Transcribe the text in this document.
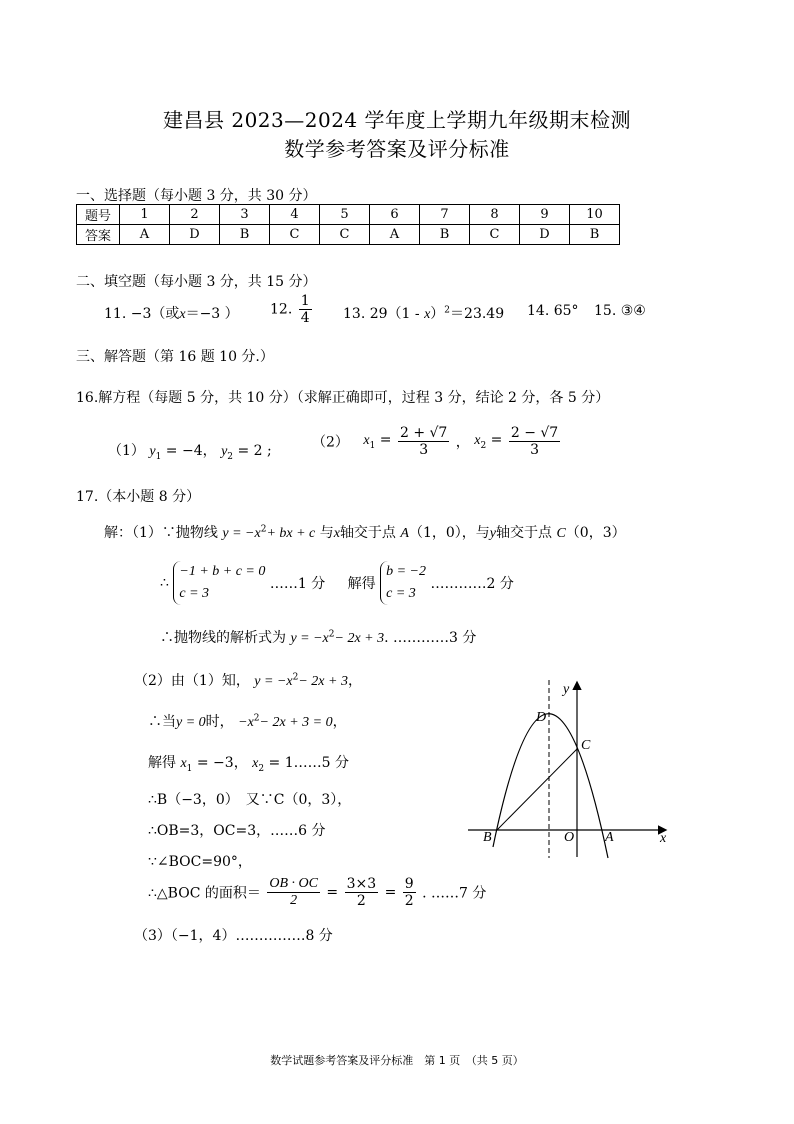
建昌县 2023—2024 学年度上学期九年级期末检测
数学参考答案及评分标准
一、选择题（每小题 3 分，共 30 分）
题号	1	2	3	4	5	6	7	8	9	10
答案	A	D	B	C	C	A	B	C	D	B
二、填空题（每小题 3 分，共 15 分）
11. −3（或x＝−3 ） 12. $\frac{1}{4} 13$. 29（1 - x）$^2$＝23.49 14. 65° 15. ③④
三、解答题（第 16 题 10 分.）
16.解方程（每题 5 分，共 10 分）（求解正确即可，过程 3 分，结论 2 分，各 5 分）
（1） $y_1 = -4$， $y_2 = 2$ ;
（2） $x_1 = \frac{2 + √7}{3}$ ， $x_2 = \frac{2 - √7}{3}$
17.（本小题 8 分）
解：（1）∵抛物线 $y = -x^2+$ bx + c 与x轴交于点 A（1，0），与y轴交于点 C（0，3）
∴
−1 + b + c = 0
c = 3
……1 分 解得
b = −2
c = 3
…………2 分
∴抛物线的解析式为 $y = -x^2- 2x + 3$. …………3 分
（2）由（1）知， $y = -x^2- 2x + 3$，
∴当y = 0时， $-x^2- 2x + 3 = 0$，
解得 $x_1 = -3$， $x_2$ = 1……5 分
∴B（−3，0）　又∵C（0，3），
∴OB=3，OC=3，……6 分
∵∠BOC=90°，
∴△BOC 的面积＝ $\frac{OB \cdot OC}{2} = \frac{3\times 3}{2} = \frac{9}{2}$ . ……7 分
（3）（−1，4）……………8 分
y
x
D
C
B	O A
数学试题参考答案及评分标准　第 1 页　（共 5 页）
